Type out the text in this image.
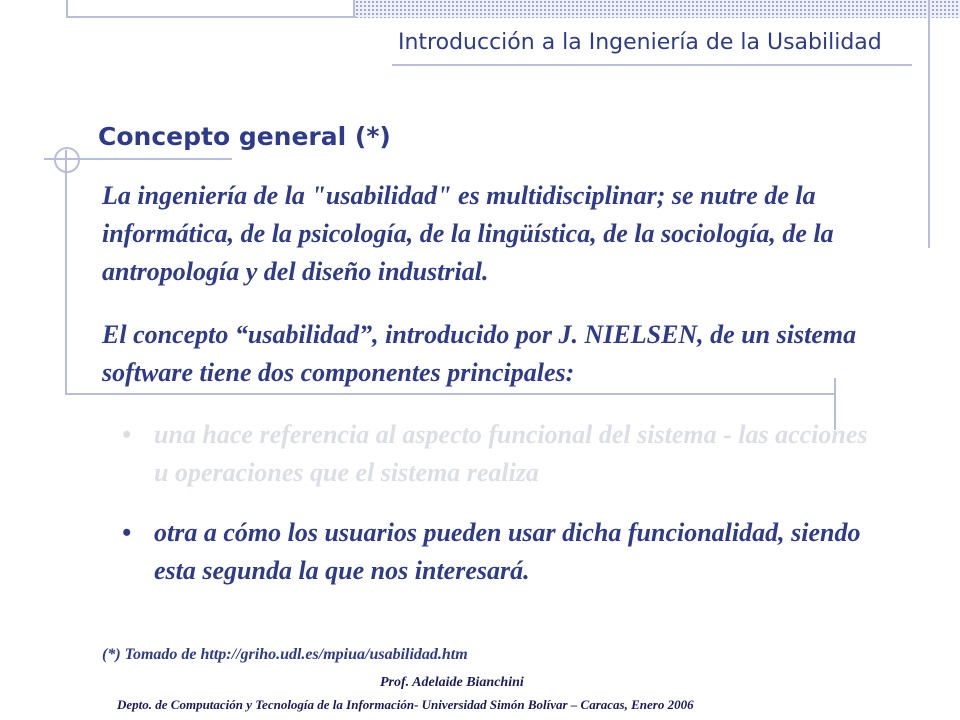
Introducción a la Ingeniería de la Usabilidad
Concepto general (*)
La ingeniería de la "usabilidad" es multidisciplinar; se nutre de la informática, de la psicología, de la lingüística, de la sociología, de la antropología y del diseño industrial.
El concepto “usabilidad”, introducido por J. NIELSEN, de un sistema software tiene dos componentes principales:
• una hace referencia al aspecto funcional del sistema - las acciones u operaciones que el sistema realiza
• otra a cómo los usuarios pueden usar dicha funcionalidad, siendo esta segunda la que nos interesará.
(*) Tomado de http://griho.udl.es/mpiua/usabilidad.htm
Prof. Adelaide Bianchini
Depto. de Computación y Tecnología de la Información- Universidad Simón Bolívar – Caracas, Enero 2006
